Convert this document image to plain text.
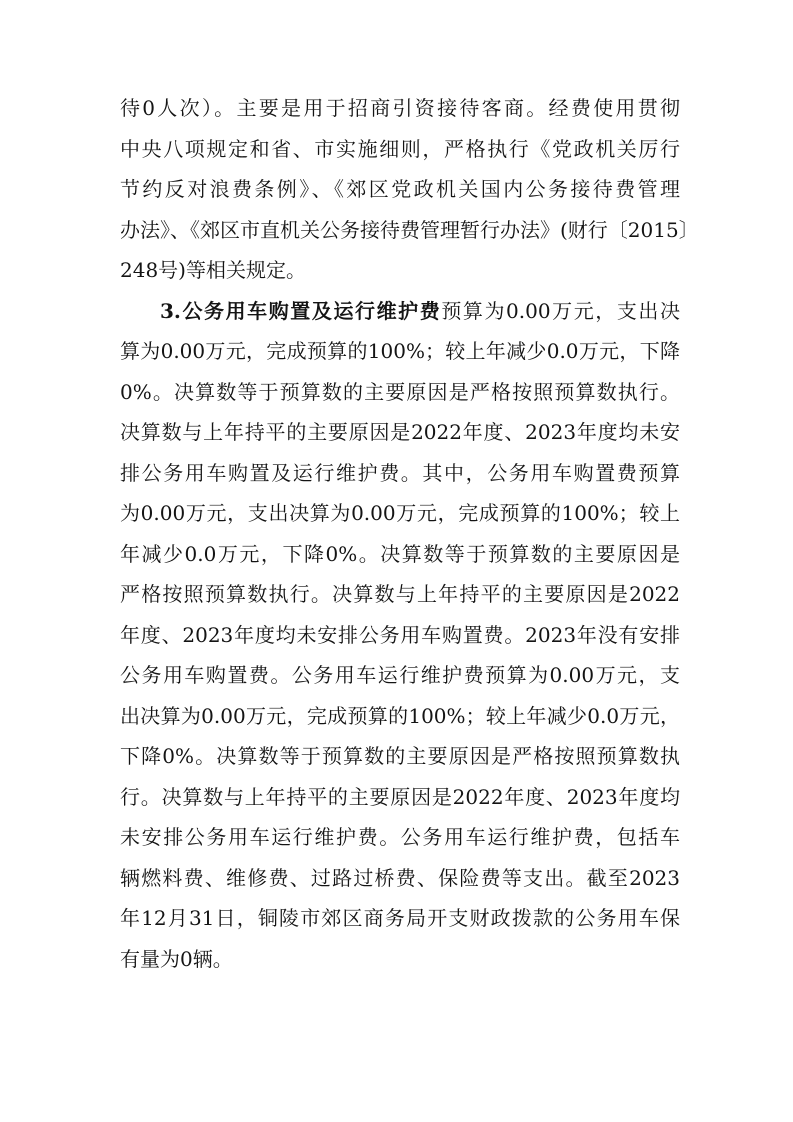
待0人次）。主要是用于招商引资接待客商。经费使用贯彻
中央八项规定和省、市实施细则，严格执行《党政机关厉行
节约反对浪费条例》、《郊区党政机关国内公务接待费管理
办法》、《郊区市直机关公务接待费管理暂行办法》(财行〔2015〕
248号)等相关规定。
3.公务用车购置及运行维护费预算为0.00万元，支出决
算为0.00万元，完成预算的100%；较上年减少0.0万元，下降
0%。决算数等于预算数的主要原因是严格按照预算数执行。
决算数与上年持平的主要原因是2022年度、2023年度均未安
排公务用车购置及运行维护费。其中，公务用车购置费预算
为0.00万元，支出决算为0.00万元，完成预算的100%；较上
年减少0.0万元，下降0%。决算数等于预算数的主要原因是
严格按照预算数执行。决算数与上年持平的主要原因是2022
年度、2023年度均未安排公务用车购置费。2023年没有安排
公务用车购置费。公务用车运行维护费预算为0.00万元，支
出决算为0.00万元，完成预算的100%；较上年减少0.0万元，
下降0%。决算数等于预算数的主要原因是严格按照预算数执
行。决算数与上年持平的主要原因是2022年度、2023年度均
未安排公务用车运行维护费。公务用车运行维护费，包括车
辆燃料费、维修费、过路过桥费、保险费等支出。截至2023
年12月31日，铜陵市郊区商务局开支财政拨款的公务用车保
有量为0辆。
